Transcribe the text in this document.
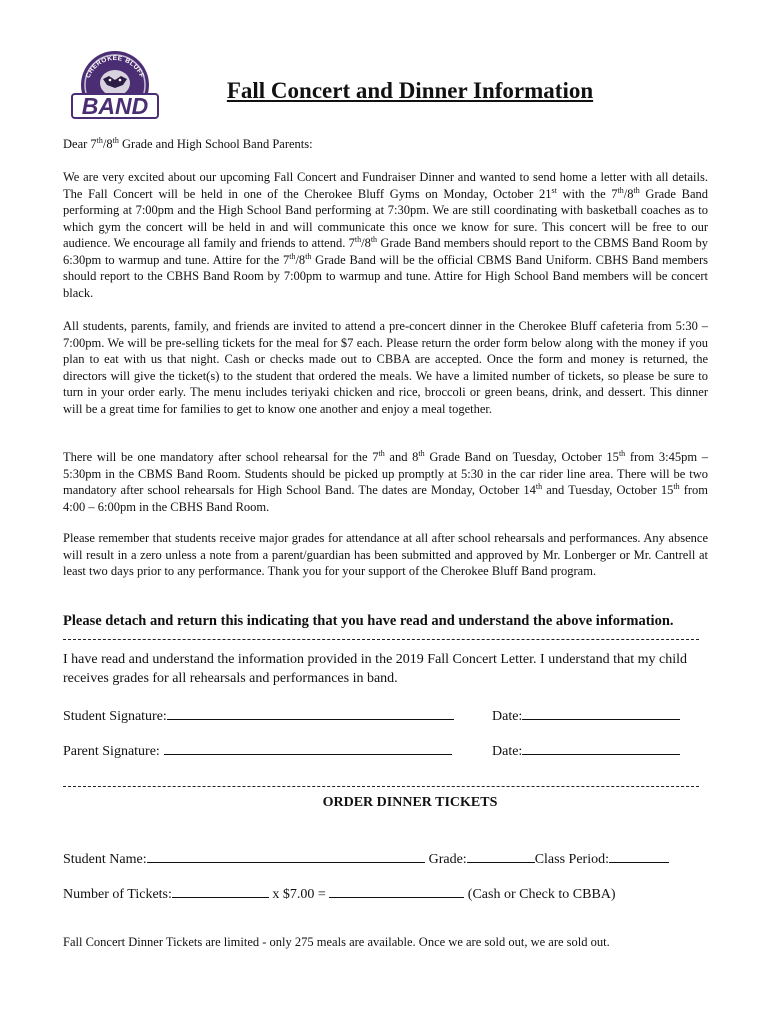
CHEROKEE BLUFF
BAND
Fall Concert and Dinner Information

Dear 7th/8th Grade and High School Band Parents:

We are very excited about our upcoming Fall Concert and Fundraiser Dinner and wanted to send home a letter with all details. The Fall Concert will be held in one of the Cherokee Bluff Gyms on Monday, October 21st with the 7th/8th Grade Band performing at 7:00pm and the High School Band performing at 7:30pm. We are still coordinating with basketball coaches as to which gym the concert will be held in and will communicate this once we know for sure. This concert will be free to our audience. We encourage all family and friends to attend. 7th/8th Grade Band members should report to the CBMS Band Room by 6:30pm to warmup and tune. Attire for the 7th/8th Grade Band will be the official CBMS Band Uniform. CBHS Band members should report to the CBHS Band Room by 7:00pm to warmup and tune. Attire for High School Band members will be concert black.

All students, parents, family, and friends are invited to attend a pre-concert dinner in the Cherokee Bluff cafeteria from 5:30 – 7:00pm. We will be pre-selling tickets for the meal for $7 each. Please return the order form below along with the money if you plan to eat with us that night. Cash or checks made out to CBBA are accepted. Once the form and money is returned, the directors will give the ticket(s) to the student that ordered the meals. We have a limited number of tickets, so please be sure to turn in your order early. The menu includes teriyaki chicken and rice, broccoli or green beans, drink, and dessert. This dinner will be a great time for families to get to know one another and enjoy a meal together.

There will be one mandatory after school rehearsal for the 7th and 8th Grade Band on Tuesday, October 15th from 3:45pm – 5:30pm in the CBMS Band Room. Students should be picked up promptly at 5:30 in the car rider line area. There will be two mandatory after school rehearsals for High School Band. The dates are Monday, October 14th and Tuesday, October 15th from 4:00 – 6:00pm in the CBHS Band Room.

Please remember that students receive major grades for attendance at all after school rehearsals and performances. Any absence will result in a zero unless a note from a parent/guardian has been submitted and approved by Mr. Lonberger or Mr. Cantrell at least two days prior to any performance. Thank you for your support of the Cherokee Bluff Band program.

Please detach and return this indicating that you have read and understand the above information.

I have read and understand the information provided in the 2019 Fall Concert Letter. I understand that my child receives grades for all rehearsals and performances in band.

Student Signature:	Date:

Parent Signature:	Date:

ORDER DINNER TICKETS

Student Name:	Grade:	Class Period:

Number of Tickets:	x $7.00 =	(Cash or Check to CBBA)

Fall Concert Dinner Tickets are limited - only 275 meals are available. Once we are sold out, we are sold out.
